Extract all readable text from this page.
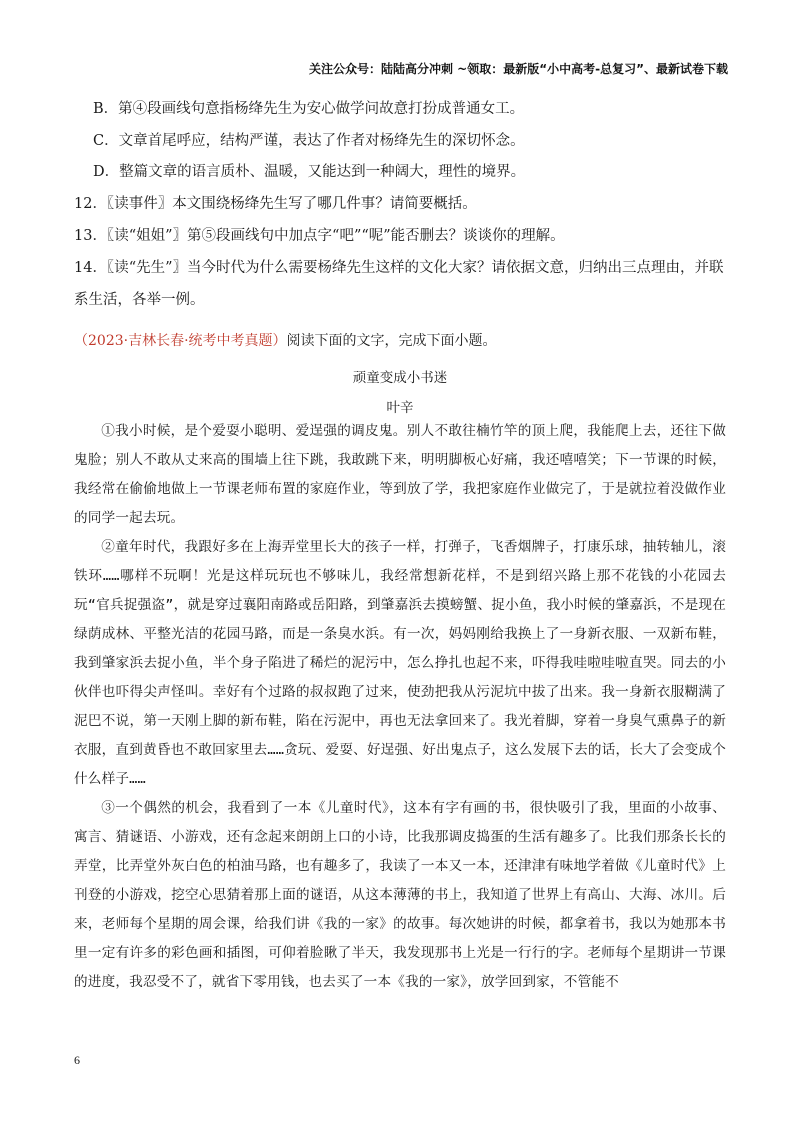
关注公众号：陆陆高分冲刺 ~领取：最新版“小中高考-总复习”、最新试卷下载
B．第④段画线句意指杨绛先生为安心做学问故意打扮成普通女工。
C．文章首尾呼应，结构严谨，表达了作者对杨绛先生的深切怀念。
D．整篇文章的语言质朴、温暖，又能达到一种阔大，理性的境界。
12．〖读事件〗本文围绕杨绛先生写了哪几件事？请简要概括。
13．〖读“姐姐”〗第⑤段画线句中加点字“吧”“呢”能否删去？谈谈你的理解。
14．〖读“先生”〗当今时代为什么需要杨绛先生这样的文化大家？请依据文意，归纳出三点理由，并联
系生活，各举一例。
（2023·吉林长春·统考中考真题）阅读下面的文字，完成下面小题。
顽童变成小书迷
叶辛

①我小时候，是个爱耍小聪明、爱逞强的调皮鬼。别人不敢往楠竹竿的顶上爬，我能爬上去，还往下做鬼脸；别人不敢从丈来高的围墙上往下跳，我敢跳下来，明明脚板心好痛，我还嘻嘻笑；下一节课的时候，我经常在偷偷地做上一节课老师布置的家庭作业，等到放了学，我把家庭作业做完了，于是就拉着没做作业的同学一起去玩。

②童年时代，我跟好多在上海弄堂里长大的孩子一样，打弹子，飞香烟牌子，打康乐球，抽转轴儿，滚铁环……哪样不玩啊！光是这样玩玩也不够味儿，我经常想新花样，不是到绍兴路上那不花钱的小花园去玩“官兵捉强盗”，就是穿过襄阳南路或岳阳路，到肇嘉浜去摸螃蟹、捉小鱼，我小时候的肇嘉浜，不是现在绿荫成林、平整光洁的花园马路，而是一条臭水浜。有一次，妈妈刚给我换上了一身新衣服、一双新布鞋，我到肇家浜去捉小鱼，半个身子陷进了稀烂的泥污中，怎么挣扎也起不来，吓得我哇啦哇啦直哭。同去的小伙伴也吓得尖声怪叫。幸好有个过路的叔叔跑了过来，使劲把我从污泥坑中拔了出来。我一身新衣服糊满了泥巴不说，第一天刚上脚的新布鞋，陷在污泥中，再也无法拿回来了。我光着脚，穿着一身臭气熏鼻子的新衣服，直到黄昏也不敢回家里去……贪玩、爱耍、好逞强、好出鬼点子，这么发展下去的话，长大了会变成个什么样子……

③一个偶然的机会，我看到了一本《儿童时代》，这本有字有画的书，很快吸引了我，里面的小故事、寓言、猜谜语、小游戏，还有念起来朗朗上口的小诗，比我那调皮捣蛋的生活有趣多了。比我们那条长长的弄堂，比弄堂外灰白色的柏油马路，也有趣多了，我读了一本又一本，还津津有味地学着做《儿童时代》上刊登的小游戏，挖空心思猜着那上面的谜语，从这本薄薄的书上，我知道了世界上有高山、大海、冰川。后来，老师每个星期的周会课，给我们讲《我的一家》的故事。每次她讲的时候，都拿着书，我以为她那本书里一定有许多的彩色画和插图，可仰着脸瞅了半天，我发现那书上光是一行行的字。老师每个星期讲一节课的进度，我忍受不了，就省下零用钱，也去买了一本《我的一家》，放学回到家，不管能不

6
